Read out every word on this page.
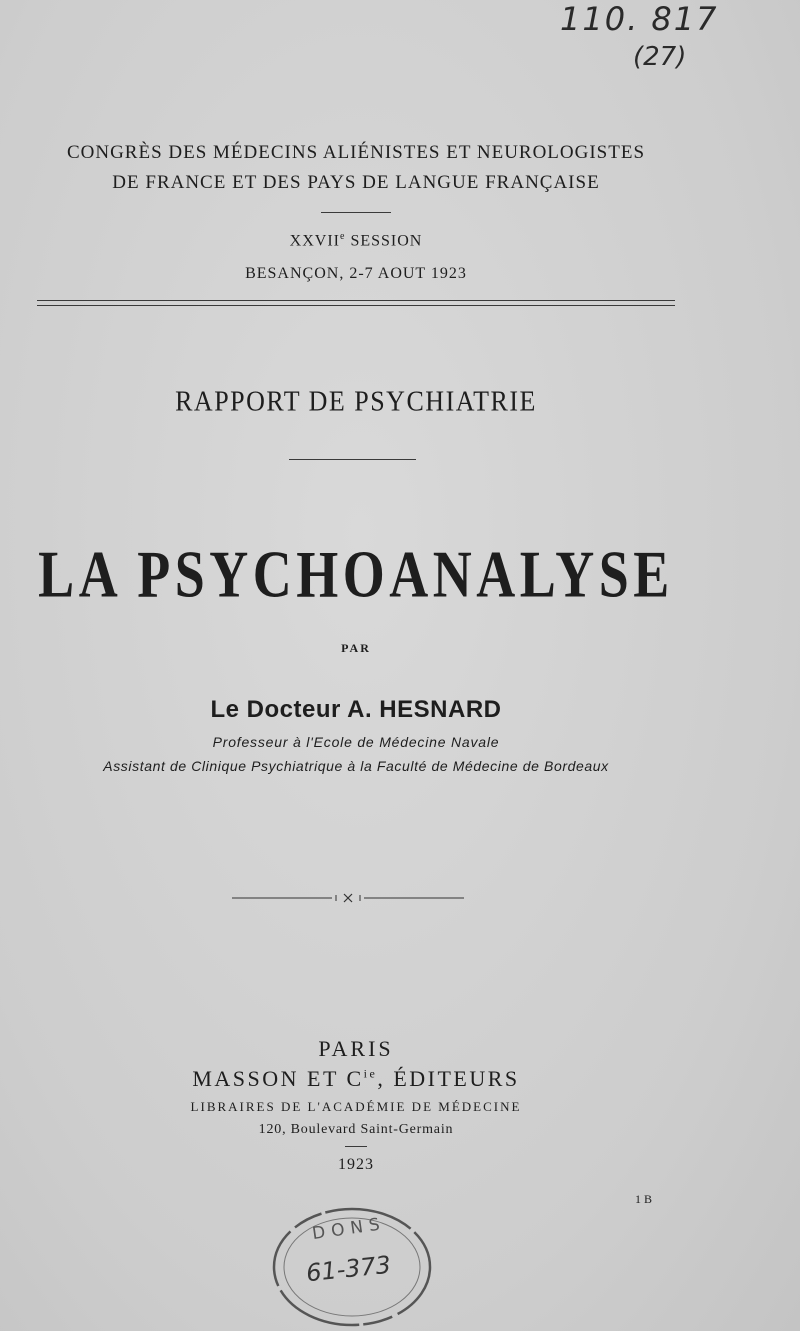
110. 817
(27)
CONGRÈS DES MÉDECINS ALIÉNISTES ET NEUROLOGISTES
DE FRANCE ET DES PAYS DE LANGUE FRANÇAISE
XXVIIe SESSION
BESANÇON, 2-7 AOUT 1923
RAPPORT DE PSYCHIATRIE
LA PSYCHOANALYSE
PAR
Le Docteur A. HESNARD
Professeur à l'Ecole de Médecine Navale
Assistant de Clinique Psychiatrique à la Faculté de Médecine de Bordeaux
PARIS
MASSON ET $C^{ie}$, ÉDITEURS
LIBRAIRES DE L'ACADÉMIE DE MÉDECINE
120, Boulevard Saint-Germain
1923
1 B
DONS
61-373
